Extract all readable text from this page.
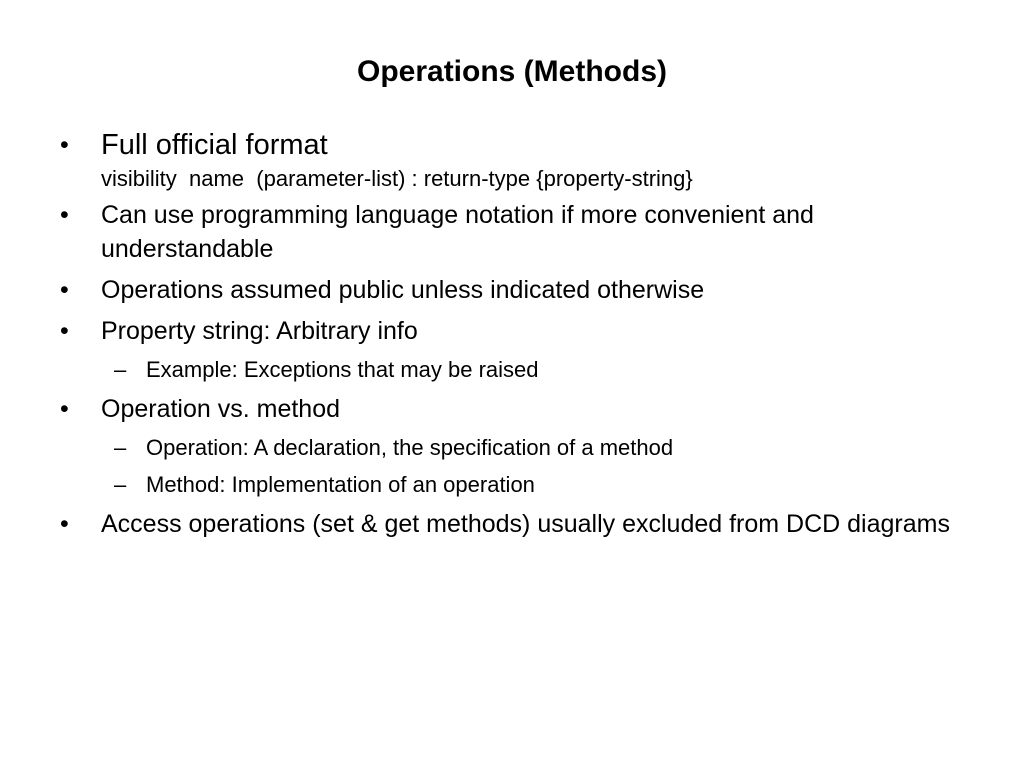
Operations (Methods)
• Full official format
visibility  name  (parameter-list) : return-type {property-string}
• Can use programming language notation if more convenient and understandable
• Operations assumed public unless indicated otherwise
• Property string: Arbitrary info
– Example: Exceptions that may be raised
• Operation vs. method
– Operation: A declaration, the specification of a method
– Method: Implementation of an operation
• Access operations (set & get methods) usually excluded from DCD diagrams
